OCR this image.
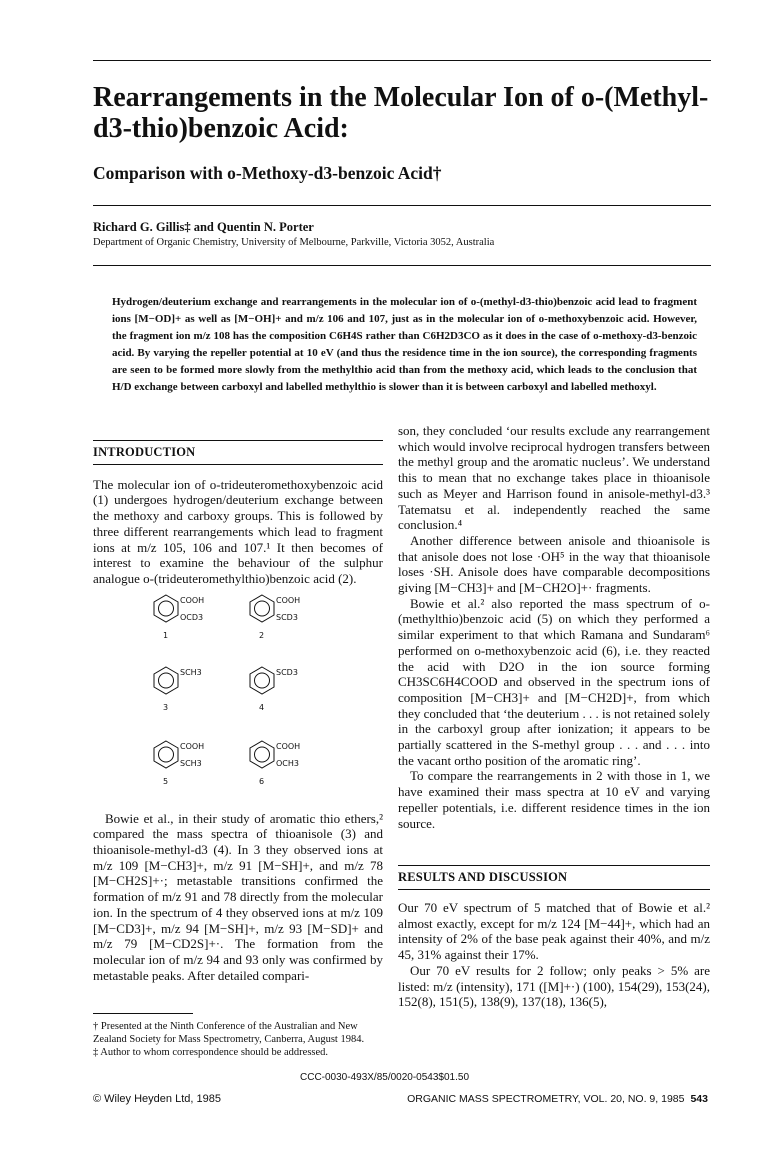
Rearrangements in the Molecular Ion of o-(Methyl-d3-thio)benzoic Acid:
Comparison with o-Methoxy-d3-benzoic Acid†

Richard G. Gillis‡ and Quentin N. Porter

Department of Organic Chemistry, University of Melbourne, Parkville, Victoria 3052, Australia

Hydrogen/deuterium exchange and rearrangements in the molecular ion of o-(methyl-d3-thio)benzoic acid lead to fragment ions [M−OD]+ as well as [M−OH]+ and m/z 106 and 107, just as in the molecular ion of o-methoxybenzoic acid. However, the fragment ion m/z 108 has the composition C6H4S rather than C6H2D3CO as it does in the case of o-methoxy-d3-benzoic acid. By varying the repeller potential at 10 eV (and thus the residence time in the ion source), the corresponding fragments are seen to be formed more slowly from the methylthio acid than from the methoxy acid, which leads to the conclusion that H/D exchange between carboxyl and labelled methylthio is slower than it is between carboxyl and labelled methoxyl.

INTRODUCTION

The molecular ion of o-trideuteromethoxybenzoic acid (1) undergoes hydrogen/deuterium exchange between the methoxy and carboxy groups. This is followed by three different rearrangements which lead to fragment ions at m/z 105, 106 and 107.¹ It then becomes of interest to examine the behaviour of the sulphur analogue o-(trideuteromethylthio)benzoic acid (2).

COOH
OCD3
1
COOH
SCD3
2
SCH3
3
SCD3
4
COOH
SCH3
5
COOH
OCH3
6

Bowie et al., in their study of aromatic thio ethers,² compared the mass spectra of thioanisole (3) and thioanisole-methyl-d3 (4). In 3 they observed ions at m/z 109 [M−CH3]+, m/z 91 [M−SH]+, and m/z 78 [M−CH2S]+·; metastable transitions confirmed the formation of m/z 91 and 78 directly from the molecular ion. In the spectrum of 4 they observed ions at m/z 109 [M−CD3]+, m/z 94 [M−SH]+, m/z 93 [M−SD]+ and m/z 79 [M−CD2S]+·. The formation from the molecular ion of m/z 94 and 93 only was confirmed by metastable peaks. After detailed compari-

† Presented at the Ninth Conference of the Australian and New Zealand Society for Mass Spectrometry, Canberra, August 1984.

‡ Author to whom correspondence should be addressed.

son, they concluded ‘our results exclude any rearrangement which would involve reciprocal hydrogen transfers between the methyl group and the aromatic nucleus’. We understand this to mean that no exchange takes place in thioanisole such as Meyer and Harrison found in anisole-methyl-d3.³ Tatematsu et al. independently reached the same conclusion.⁴

Another difference between anisole and thioanisole is that anisole does not lose ·OH⁵ in the way that thioanisole loses ·SH. Anisole does have comparable decompositions giving [M−CH3]+ and [M−CH2O]+· fragments.

Bowie et al.² also reported the mass spectrum of o-(methylthio)benzoic acid (5) on which they performed a similar experiment to that which Ramana and Sundaram⁶ performed on o-methoxybenzoic acid (6), i.e. they reacted the acid with D2O in the ion source forming CH3SC6H4COOD and observed in the spectrum ions of composition [M−CH3]+ and [M−CH2D]+, from which they concluded that ‘the deuterium . . . is not retained solely in the carboxyl group after ionization; it appears to be partially scattered in the S-methyl group . . . and . . . into the vacant ortho position of the aromatic ring’.

To compare the rearrangements in 2 with those in 1, we have examined their mass spectra at 10 eV and varying repeller potentials, i.e. different residence times in the ion source.

RESULTS AND DISCUSSION

Our 70 eV spectrum of 5 matched that of Bowie et al.² almost exactly, except for m/z 124 [M−44]+, which had an intensity of 2% of the base peak against their 40%, and m/z 45, 31% against their 17%.

Our 70 eV results for 2 follow; only peaks > 5% are listed: m/z (intensity), 171 ([M]+·) (100), 154(29), 153(24), 152(8), 151(5), 138(9), 137(18), 136(5),

CCC-0030-493X/85/0020-0543$01.50
© Wiley Heyden Ltd, 1985	ORGANIC MASS SPECTROMETRY, VOL. 20, NO. 9, 1985 543
